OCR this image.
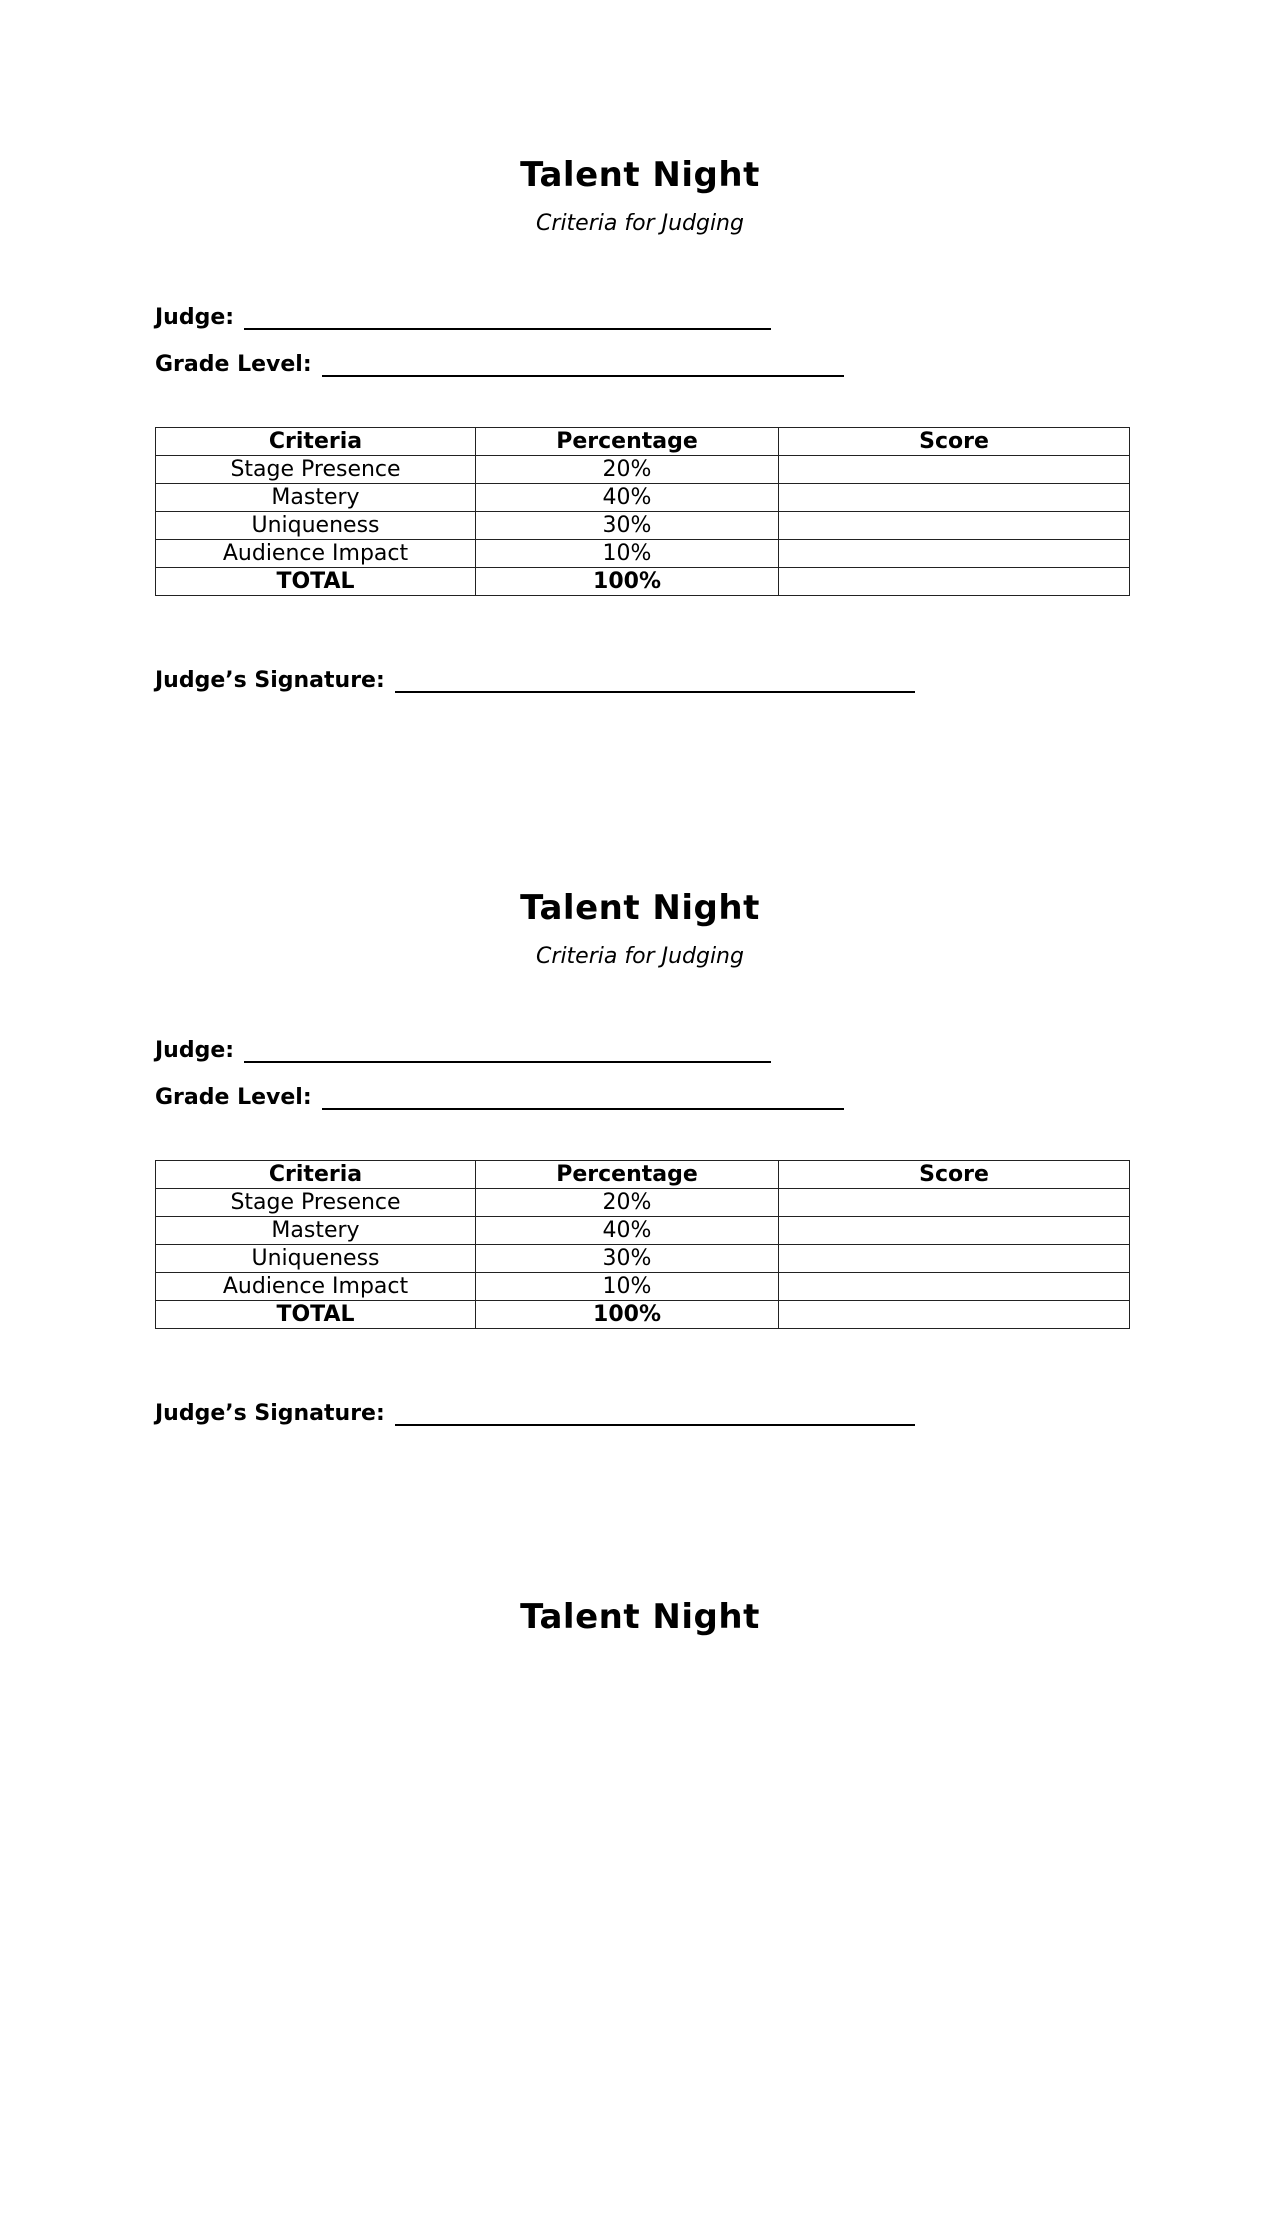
Talent Night
Criteria for Judging
Judge:
Grade Level:
Criteria	Percentage	Score
Stage Presence	20%	
Mastery	40%	
Uniqueness	30%	
Audience Impact	10%	
TOTAL	100%	
Judge’s Signature:
Talent Night
Criteria for Judging
Judge:
Grade Level:
Criteria	Percentage	Score
Stage Presence	20%	
Mastery	40%	
Uniqueness	30%	
Audience Impact	10%	
TOTAL	100%	
Judge’s Signature:
Talent Night
